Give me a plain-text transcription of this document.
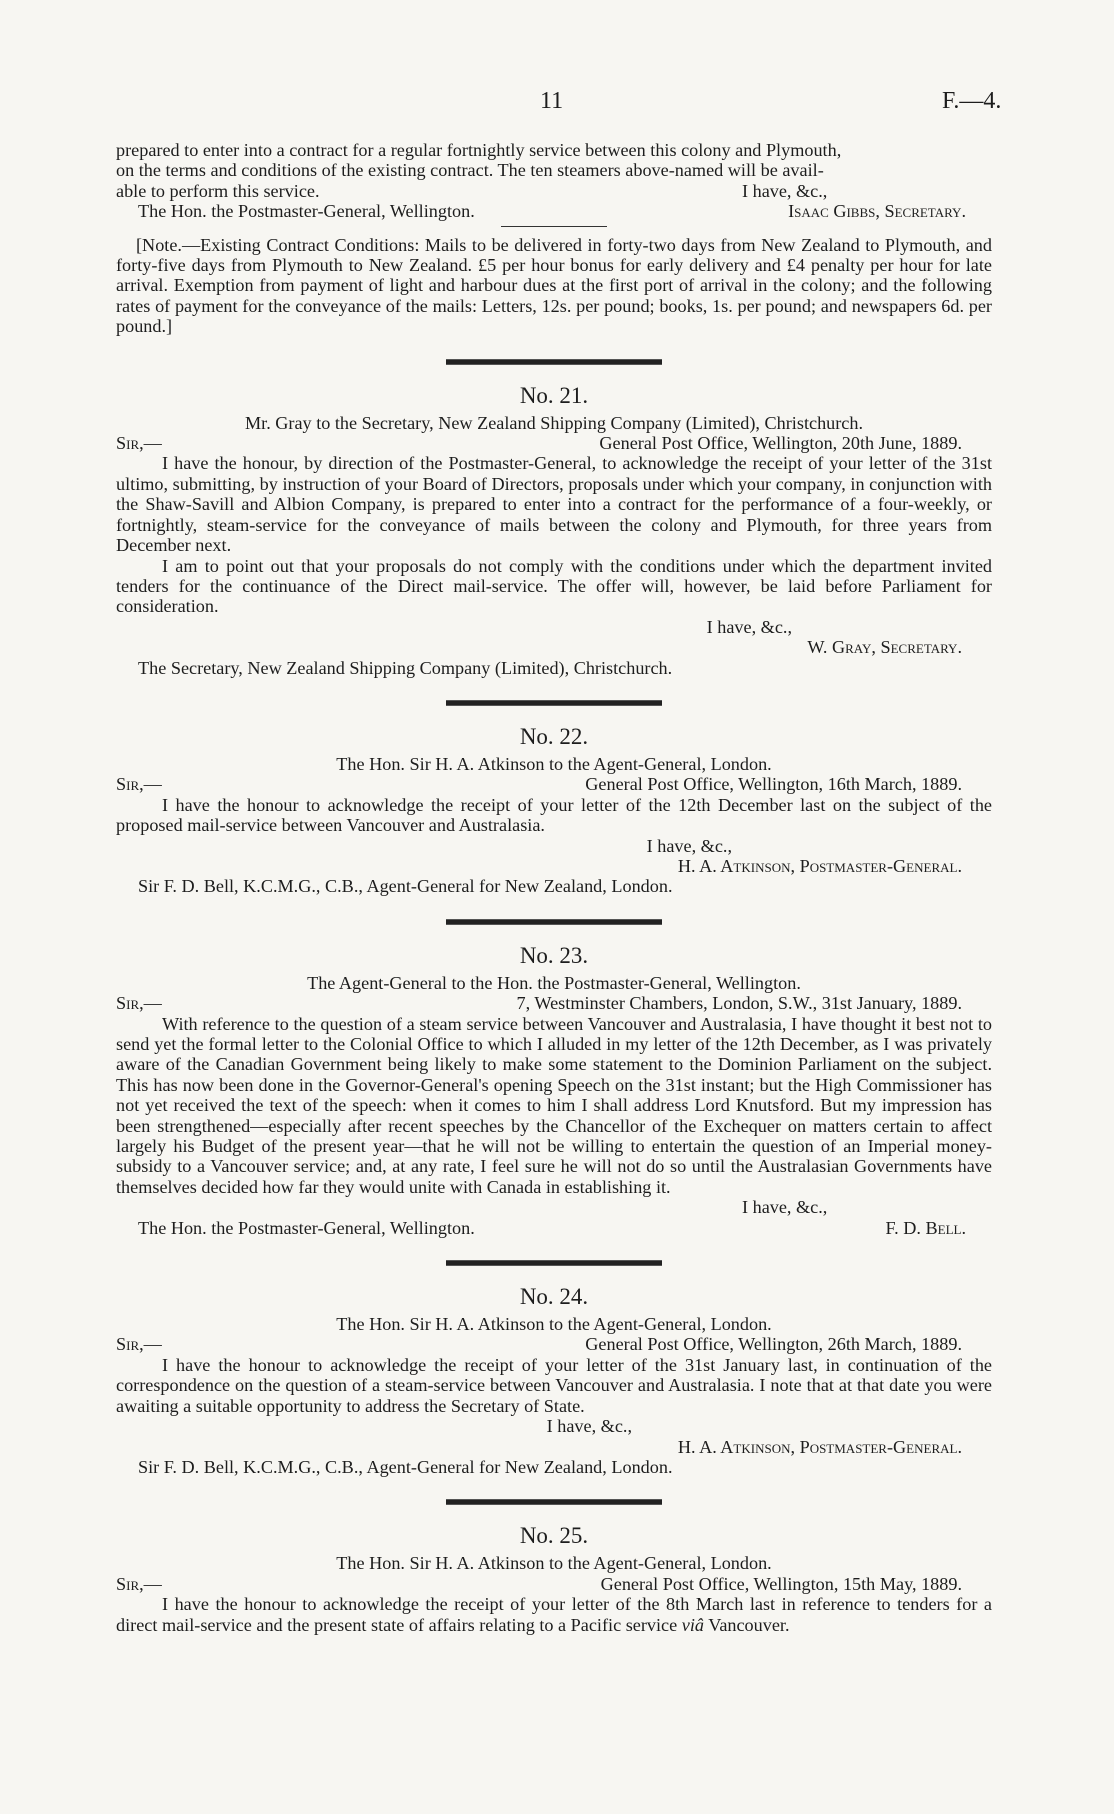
11	F.—4.

prepared to enter into a contract for a regular fortnightly service between this colony and Plymouth,

on the terms and conditions of the existing contract. The ten steamers above-named will be avail-

able to perform this service.	I have, &c.,
The Hon. the Postmaster-General, Wellington.	Isaac Gibbs, Secretary.

[Note.—Existing Contract Conditions: Mails to be delivered in forty-two days from New Zealand to Plymouth, and forty-five days from Plymouth to New Zealand. £5 per hour bonus for early delivery and £4 penalty per hour for late arrival. Exemption from payment of light and harbour dues at the first port of arrival in the colony; and the following rates of payment for the conveyance of the mails: Letters, 12s. per pound; books, 1s. per pound; and newspapers 6d. per pound.]

No. 21.
Mr. Gray to the Secretary, New Zealand Shipping Company (Limited), Christchurch.
Sir,—	General Post Office, Wellington, 20th June, 1889.

I have the honour, by direction of the Postmaster-General, to acknowledge the receipt of your letter of the 31st ultimo, submitting, by instruction of your Board of Directors, proposals under which your company, in conjunction with the Shaw-Savill and Albion Company, is prepared to enter into a contract for the performance of a four-weekly, or fortnightly, steam-service for the conveyance of mails between the colony and Plymouth, for three years from December next.

I am to point out that your proposals do not comply with the conditions under which the department invited tenders for the continuance of the Direct mail-service. The offer will, however, be laid before Parliament for consideration.

I have, &c.,
W. Gray, Secretary.
The Secretary, New Zealand Shipping Company (Limited), Christchurch.
No. 22.
The Hon. Sir H. A. Atkinson to the Agent-General, London.
Sir,—	General Post Office, Wellington, 16th March, 1889.

I have the honour to acknowledge the receipt of your letter of the 12th December last on the subject of the proposed mail-service between Vancouver and Australasia.

I have, &c.,
H. A. Atkinson, Postmaster-General.
Sir F. D. Bell, K.C.M.G., C.B., Agent-General for New Zealand, London.
No. 23.
The Agent-General to the Hon. the Postmaster-General, Wellington.
Sir,—	7, Westminster Chambers, London, S.W., 31st January, 1889.

With reference to the question of a steam service between Vancouver and Australasia, I have thought it best not to send yet the formal letter to the Colonial Office to which I alluded in my letter of the 12th December, as I was privately aware of the Canadian Government being likely to make some statement to the Dominion Parliament on the subject. This has now been done in the Governor-General's opening Speech on the 31st instant; but the High Commissioner has not yet received the text of the speech: when it comes to him I shall address Lord Knutsford. But my impression has been strengthened—especially after recent speeches by the Chancellor of the Exchequer on matters certain to affect largely his Budget of the present year—that he will not be willing to entertain the question of an Imperial money-subsidy to a Vancouver service; and, at any rate, I feel sure he will not do so until the Australasian Governments have themselves decided how far they would unite with Canada in establishing it.

I have, &c.,
The Hon. the Postmaster-General, Wellington.	F. D. Bell.
No. 24.
The Hon. Sir H. A. Atkinson to the Agent-General, London.
Sir,—	General Post Office, Wellington, 26th March, 1889.

I have the honour to acknowledge the receipt of your letter of the 31st January last, in continuation of the correspondence on the question of a steam-service between Vancouver and Australasia. I note that at that date you were awaiting a suitable opportunity to address the Secretary of State.

I have, &c.,
H. A. Atkinson, Postmaster-General.
Sir F. D. Bell, K.C.M.G., C.B., Agent-General for New Zealand, London.
No. 25.
The Hon. Sir H. A. Atkinson to the Agent-General, London.
Sir,—	General Post Office, Wellington, 15th May, 1889.

I have the honour to acknowledge the receipt of your letter of the 8th March last in reference to tenders for a direct mail-service and the present state of affairs relating to a Pacific service viâ Vancouver.
